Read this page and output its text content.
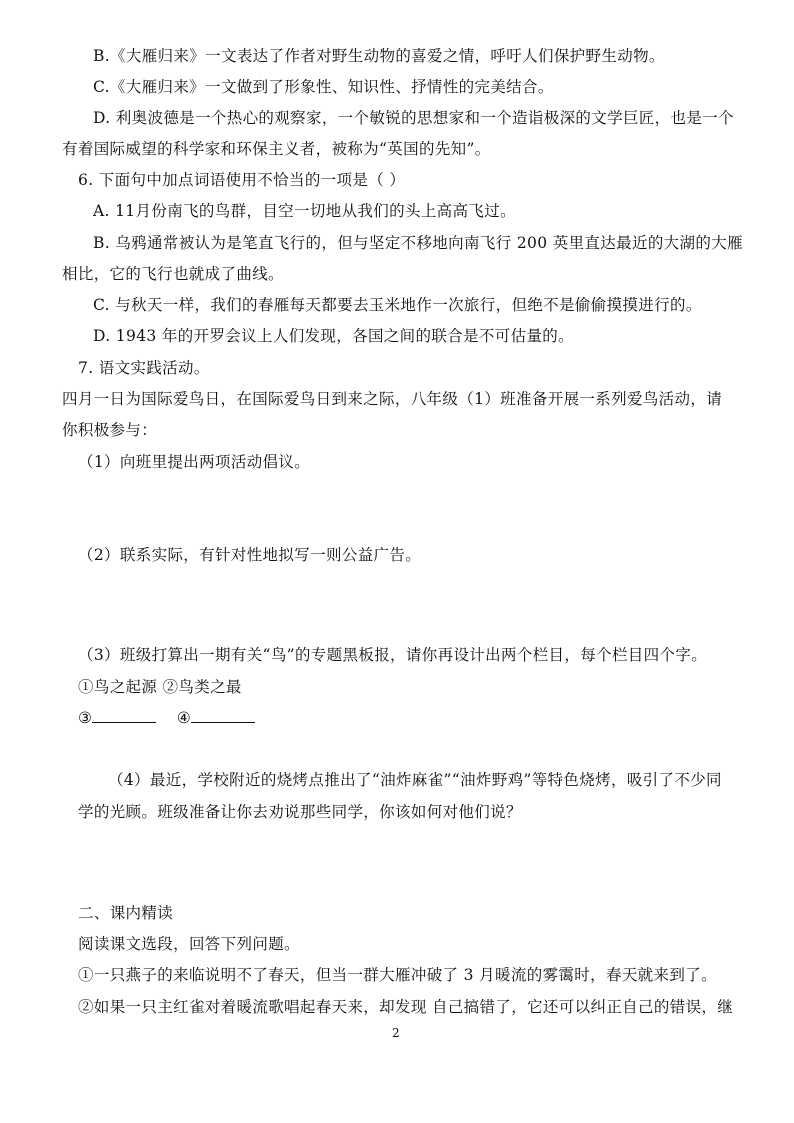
B.《大雁归来》一文表达了作者对野生动物的喜爱之情，呼吁人们保护野生动物。
C.《大雁归来》一文做到了形象性、知识性、抒情性的完美结合。
D. 利奥波德是一个热心的观察家，一个敏锐的思想家和一个造诣极深的文学巨匠，也是一个
有着国际威望的科学家和环保主义者，被称为“英国的先知”。
6. 下面句中加点词语使用不恰当的一项是（ ）
A. 11月份南飞的鸟群，目空一切地从我们的头上高高飞过。
B. 乌鸦通常被认为是笔直飞行的，但与坚定不移地向南飞行 200 英里直达最近的大湖的大雁
相比，它的飞行也就成了曲线。
C. 与秋天一样，我们的春雁每天都要去玉米地作一次旅行，但绝不是偷偷摸摸进行的。
D. 1943 年的开罗会议上人们发现，各国之间的联合是不可估量的。
7. 语文实践活动。
四月一日为国际爱鸟日，在国际爱鸟日到来之际，八年级（1）班准备开展一系列爱鸟活动，请
你积极参与：
（1）向班里提出两项活动倡议。
（2）联系实际，有针对性地拟写一则公益广告。
（3）班级打算出一期有关“鸟”的专题黑板报，请你再设计出两个栏目，每个栏目四个字。
①鸟之起源 ②鸟类之最
③	④
（4）最近，学校附近的烧烤点推出了“油炸麻雀”“油炸野鸡”等特色烧烤，吸引了不少同
学的光顾。班级准备让你去劝说那些同学，你该如何对他们说？
二、课内精读
阅读课文选段，回答下列问题。
①一只燕子的来临说明不了春天，但当一群大雁冲破了 3 月暖流的雾霭时，春天就来到了。
②如果一只主红雀对着暖流歌唱起春天来，却发现 自己搞错了，它还可以纠正自己的错误，继
2
